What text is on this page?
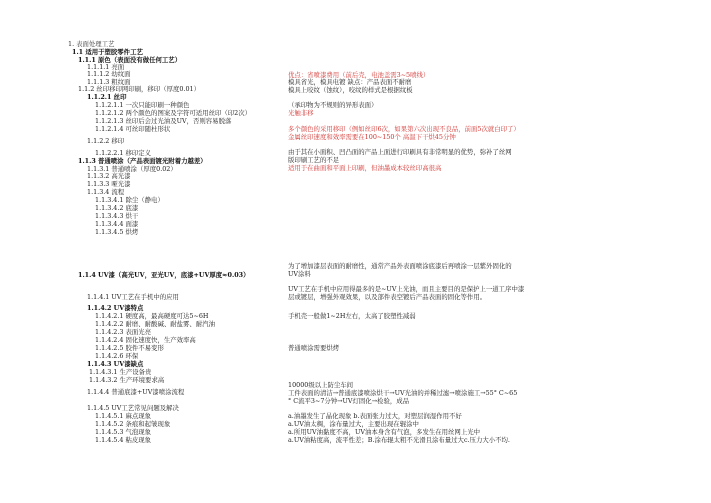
1. 表面处理工艺
1.1 适用于塑胶零件工艺
1.1.1 原色（表面没有做任何工艺）
1.1.1.1 亮面
1.1.1.2 幼纹面
1.1.1.3 粗纹面
1.1.2 丝印移印网印刷，移印（厚度0.01）
1.1.2.1 丝印
1.1.2.1.1 一次只能印刷一种颜色
1.1.2.1.2 两个颜色的图案及字符可适用丝印（印2次）
1.1.2.1.3 丝印后会过光油及UV，否则容易脱落
1.1.2.1.4 可丝印随杜形状
1.1.2.2 移印
1.1.2.2.1 移印定义
1.1.3 普通喷涂（产品表面镀光附着力越差）
1.1.3.1 普通喷涂（厚度0.02）
1.1.3.2 高光漆
1.1.3.3 哑光漆
1.1.3.4 流程
1.1.3.4.1 除尘（静电）
1.1.3.4.2 底漆
1.1.3.4.3 烘干
1.1.3.4.4 面漆
1.1.3.4.5 烘烤
1.1.4 UV漆（高光UV，亚光UV，底漆+UV厚度≈0.03）
1.1.4.1 UV工艺在手机中的应用
1.1.4.2 UV漆特点
1.1.4.2.1 硬度高，最高硬度可达5~6H
1.1.4.2.2 耐磨、耐酸碱、耐盐雾、耐汽油
1.1.4.2.3 表面光亮
1.1.4.2.4 固化速度快，生产效率高
1.1.4.2.5 胶件不易变形
1.1.4.2.6 环保
1.1.4.3 UV漆缺点
1.1.4.3.1 生产设备贵
1.1.4.3.2 生产环境要求高
1.1.4.4 普通底漆+UV漆喷涂流程
1.1.4.5 UV工艺常见问题及解决
1.1.4.5.1 麻点现象
1.1.4.5.2 条痕和起皱现象
1.1.4.5.3 气泡现象
1.1.4.5.4 粘皮现象
优点：省喷漆费用（前后壳，电池盖需3~5喷线）
模具省光，模具电镀 缺点：产品表面不耐磨
模具上咬纹（蚀纹），咬纹的样式是根据纹板
（承印物为不规则的异形表面）
光触非移
多个颜色的采用移印（例如丝印6次，如果第六次出现不良品，前面5次就白印了）
金属丝印速度和效率需要在100~150个 高温下干烘45分钟
由于其在小面积、凹凸面的产品上面进行印刷具有非常明显的优势，弥补了丝网
版印刷工艺的不足
适用于在曲面和平面上印刷，但油墨成本较丝印高很高
为了增加漆层表面的耐磨性，通常产品外表面喷涂底漆后再喷涂一层紫外固化的
UV涂料
UV工艺在手机中应用得最多的是~UV上光油，而且主要目的是保护上一道工序中漆
层或镀层，增强外观效果，以及部件表空镀后产品表面的固化等作用。
手机壳一般做1~2H左右，太高了胶塑性减弱
普通喷涂需要烘烤
10000级以上防尘车间
工件表面的清洁→普通底漆喷涂烘干→UV光油的并稀过滤→喷涂施工→55° C~65
° C流平3~7分钟→UV灯固化→检验，成品
a.油墨发生了晶化现象 b.表面张力过大，对塑层润湿作用不好
a.UV油太稠，涂布量过大，主要出现在辊涂中
a.所用UV油黏度不高，UV油本身含有气泡，多发生在用丝网上光中
a.UV油粘度高，流平性差；B.涂布辊太粗不光滑且涂布量过大c.压力大小不均.
